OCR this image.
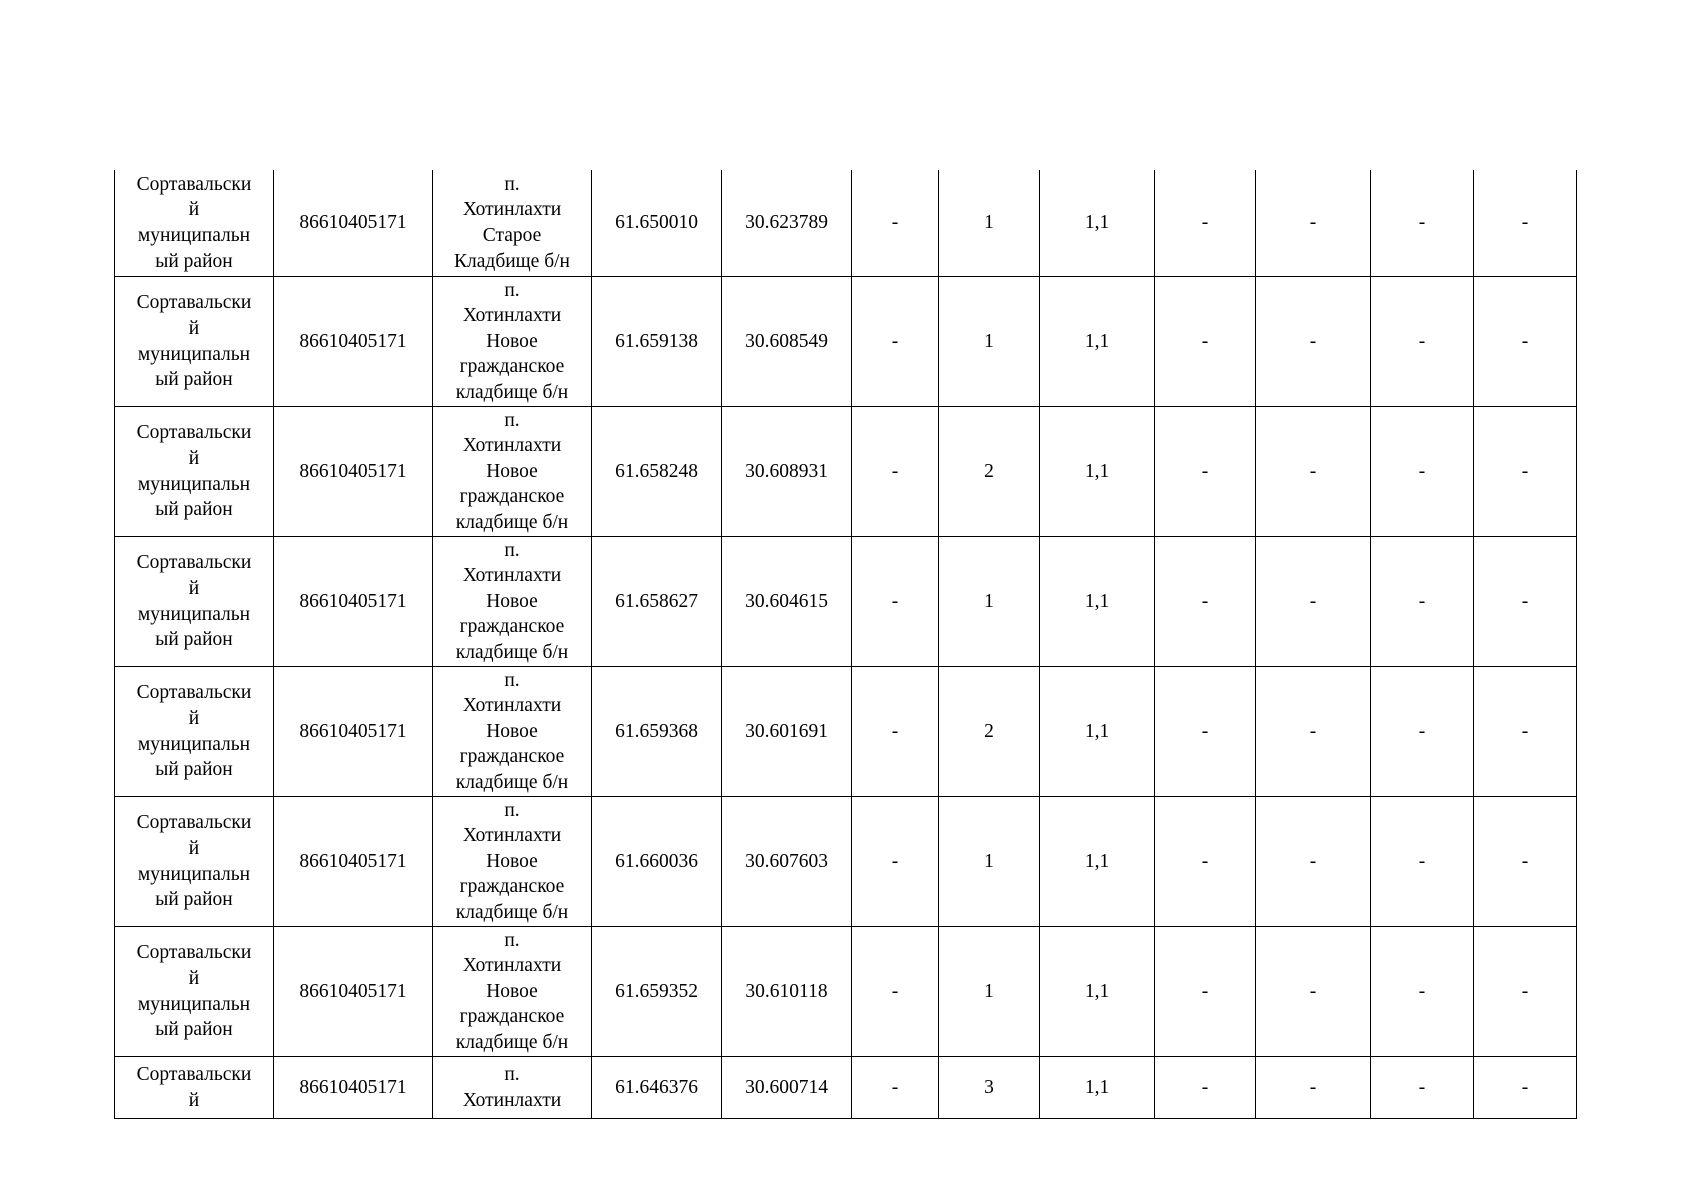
Сортавальски
й
муниципальн
ый район	86610405171	п.
Хотинлахти
Старое
Кладбище б/н	61.650010	30.623789	-	1	1,1	-	-	-	-

Сортавальски
й
муниципальн
ый район	86610405171	п.
Хотинлахти
Новое
гражданское
кладбище б/н	61.659138	30.608549	-	1	1,1	-	-	-	-

Сортавальски
й
муниципальн
ый район	86610405171	п.
Хотинлахти
Новое
гражданское
кладбище б/н	61.658248	30.608931	-	2	1,1	-	-	-	-

Сортавальски
й
муниципальн
ый район	86610405171	п.
Хотинлахти
Новое
гражданское
кладбище б/н	61.658627	30.604615	-	1	1,1	-	-	-	-

Сортавальски
й
муниципальн
ый район	86610405171	п.
Хотинлахти
Новое
гражданское
кладбище б/н	61.659368	30.601691	-	2	1,1	-	-	-	-

Сортавальски
й
муниципальн
ый район	86610405171	п.
Хотинлахти
Новое
гражданское
кладбище б/н	61.660036	30.607603	-	1	1,1	-	-	-	-

Сортавальски
й
муниципальн
ый район	86610405171	п.
Хотинлахти
Новое
гражданское
кладбище б/н	61.659352	30.610118	-	1	1,1	-	-	-	-

Сортавальски
й	86610405171	п.
Хотинлахти	61.646376	30.600714	-	3	1,1	-	-	-	-
